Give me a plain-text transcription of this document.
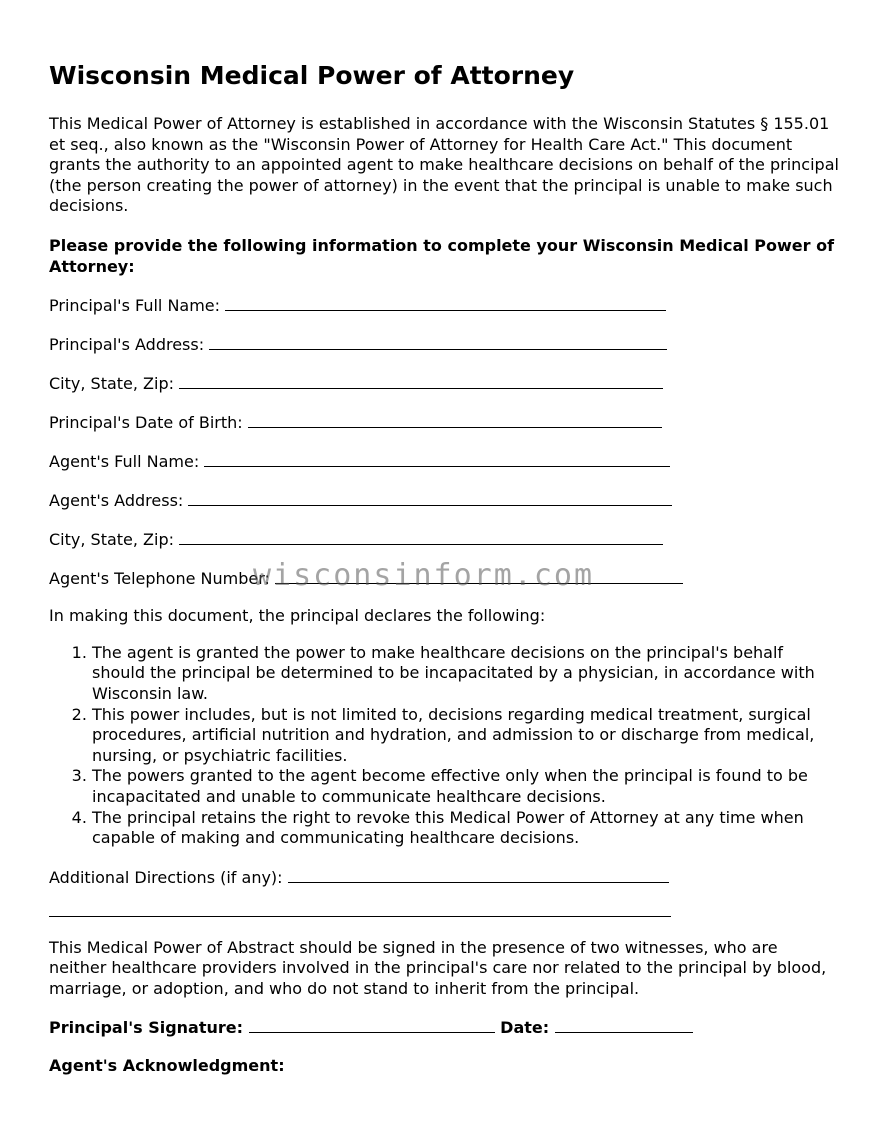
Wisconsin Medical Power of Attorney

This Medical Power of Attorney is established in accordance with the Wisconsin Statutes § 155.01 et seq., also known as the "Wisconsin Power of Attorney for Health Care Act." This document grants the authority to an appointed agent to make healthcare decisions on behalf of the principal (the person creating the power of attorney) in the event that the principal is unable to make such decisions.

Please provide the following information to complete your Wisconsin Medical Power of Attorney:

Principal's Full Name:
Principal's Address:
City, State, Zip:
Principal's Date of Birth:
Agent's Full Name:
Agent's Address:
City, State, Zip:
Agent's Telephone Number:

In making this document, the principal declares the following:

1. The agent is granted the power to make healthcare decisions on the principal's behalf should the principal be determined to be incapacitated by a physician, in accordance with Wisconsin law.
2. This power includes, but is not limited to, decisions regarding medical treatment, surgical procedures, artificial nutrition and hydration, and admission to or discharge from medical, nursing, or psychiatric facilities.
3. The powers granted to the agent become effective only when the principal is found to be incapacitated and unable to communicate healthcare decisions.
4. The principal retains the right to revoke this Medical Power of Attorney at any time when capable of making and communicating healthcare decisions.
Additional Directions (if any):

This Medical Power of Abstract should be signed in the presence of two witnesses, who are neither healthcare providers involved in the principal's care nor related to the principal by blood, marriage, or adoption, and who do not stand to inherit from the principal.

Principal's Signature:	Date:
Agent's Acknowledgment:
wisconsinform.com
